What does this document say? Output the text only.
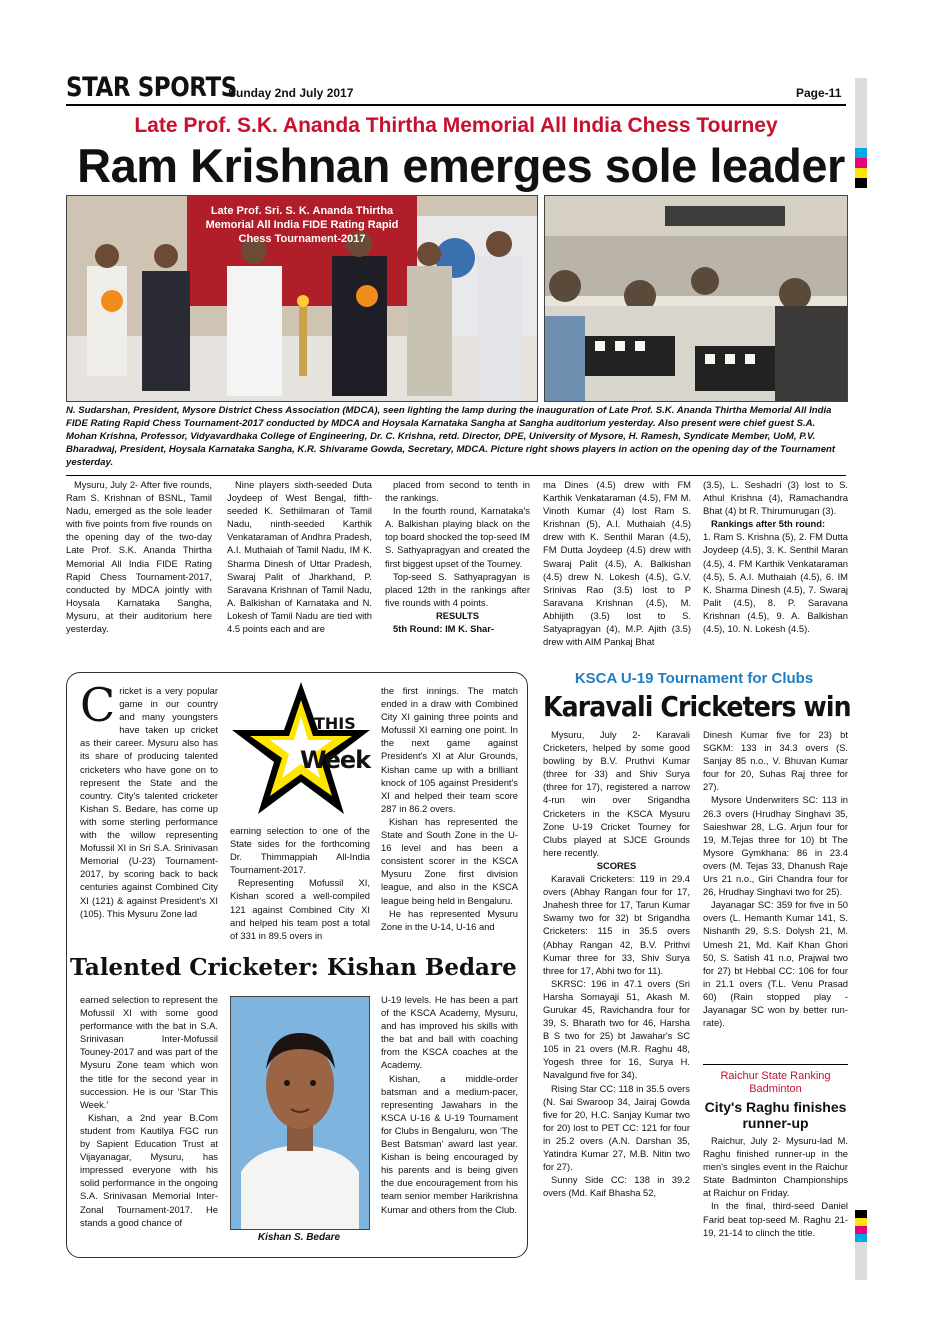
STAR SPORTS
Sunday 2nd July 2017	Page-11
Late Prof. S.K. Ananda Thirtha Memorial All India Chess Tourney
Ram Krishnan emerges sole leader
Late Prof. Sri. S. K. Ananda Thirtha Memorial All India FIDE Rating Rapid Chess Tournament-2017
N. Sudarshan, President, Mysore District Chess Association (MDCA), seen lighting the lamp during the inauguration of Late Prof. S.K. Ananda Thirtha Memorial All India FIDE Rating Rapid Chess Tournament-2017 conducted by MDCA and Hoysala Karnataka Sangha at Sangha auditorium yesterday. Also present were chief guest S.A. Mohan Krishna, Professor, Vidyavardhaka College of Engineering, Dr. C. Krishna, retd. Director, DPE, University of Mysore, H. Ramesh, Syndicate Member, UoM, P.V. Bharadwaj, President, Hoysala Karnataka Sangha, K.R. Shivarame Gowda, Secretary, MDCA. Picture right shows players in action on the opening day of the Tournament yesterday.

Mysuru, July 2- After five rounds, Ram S. Krishnan of BSNL, Tamil Nadu, emerged as the sole leader with five points from five rounds on the opening day of the two-day Late Prof. S.K. Ananda Thirtha Memorial All India FIDE Rating Rapid Chess Tournament-2017, conducted by MDCA jointly with Hoysala Karnataka Sangha, Mysuru, at their auditorium here yesterday.

Nine players sixth-seeded Duta Joydeep of West Bengal, fifth-seeded K. Sethilmaran of Tamil Nadu, ninth-seeded Karthik Venkataraman of Andhra Pradesh, A.I. Muthaiah of Tamil Nadu, IM K. Sharma Dinesh of Uttar Pradesh, Swaraj Palit of Jharkhand, P. Saravana Krishnan of Tamil Nadu, A. Balkishan of Karnataka and N. Lokesh of Tamil Nadu are tied with 4.5 points each and are

placed from second to tenth in the rankings.

In the fourth round, Karnataka's A. Balkishan playing black on the top board shocked the top-seed IM S. Sathyapragyan and created the first biggest upset of the Tourney.

Top-seed S. Sathyapragyan is placed 12th in the rankings after five rounds with 4 points.

RESULTS

5th Round: IM K. Shar-

ma Dines (4.5) drew with FM Karthik Venkataraman (4.5), FM M. Vinoth Kumar (4) lost Ram S. Krishnan (5), A.I. Muthaiah (4.5) drew with K. Senthil Maran (4.5), FM Dutta Joydeep (4.5) drew with Swaraj Palit (4.5), A. Balkishan (4.5) drew N. Lokesh (4.5), G.V. Srinivas Rao (3.5) lost to P Saravana Krishnan (4.5), M. Abhijith (3.5) lost to S. Satyapragyan (4), M.P. Ajith (3.5) drew with AIM Pankaj Bhat

(3.5), L. Seshadri (3) lost to S. Athul Krishna (4), Ramachandra Bhat (4) bt R. Thirumurugan (3).

Rankings after 5th round:

1. Ram S. Krishna (5), 2. FM Dutta Joydeep (4.5), 3. K. Senthil Maran (4.5), 4. FM Karthik Venkataraman (4.5), 5. A.I. Muthaiah (4.5), 6. IM K. Sharma Dinesh (4.5), 7. Swaraj Palit (4.5), 8. P. Saravana Krishnan (4.5), 9. A. Balkishan (4.5), 10. N. Lokesh (4.5).

C ricket is a very popular game in our country and many youngsters have taken up cricket as their career. Mysuru also has its share of producing talented cricketers who have gone on to represent the State and the country. City's talented cricketer Kishan S. Bedare, has come up with some sterling performance with the willow representing Mofussil XI in Sri S.A. Srinivasan Memorial (U-23) Tournament-2017, by scoring back to back centuries against Combined City XI (121) & against President's XI (105). This Mysuru Zone lad
THIS
Week

earning selection to one of the State sides for the forthcoming Dr. Thimmappiah All-India Tournament-2017.

Representing Mofussil XI, Kishan scored a well-compiled 121 against Combined City XI and helped his team post a total of 331 in 89.5 overs in

the first innings. The match ended in a draw with Combined City XI gaining three points and Mofussil XI earning one point. In the next game against President's XI at Alur Grounds, Kishan came up with a brilliant knock of 105 against President's XI and helped their team score 287 in 86.2 overs.

Kishan has represented the State and South Zone in the U-16 level and has been a consistent scorer in the KSCA Mysuru Zone first division league, and also in the KSCA league being held in Bengaluru.

He has represented Mysuru Zone in the U-14, U-16 and

Talented Cricketer: Kishan Bedare

earned selection to represent the Mofussil XI with some good performance with the bat in S.A. Srinivasan Inter-Mofussil Touney-2017 and was part of the Mysuru Zone team which won the title for the second year in succession. He is our 'Star This Week.'

Kishan, a 2nd year B.Com student from Kautilya FGC run by Sapient Education Trust at Vijayanagar, Mysuru, has impressed everyone with his solid performance in the ongoing S.A. Srinivasan Memorial Inter-Zonal Tournament-2017. He stands a good chance of

Kishan S. Bedare

U-19 levels. He has been a part of the KSCA Academy, Mysuru, and has improved his skills with the bat and ball with coaching from the KSCA coaches at the Academy.

Kishan, a middle-order batsman and a medium-pacer, representing Jawahars in the KSCA U-16 & U-19 Tournament for Clubs in Bengaluru, won 'The Best Batsman' award last year. Kishan is being encouraged by his parents and is being given the due encouragement from his team senior member Harikrishna Kumar and others from the Club.

KSCA U-19 Tournament for Clubs
Karavali Cricketers win

Mysuru, July 2- Karavali Cricketers, helped by some good bowling by B.V. Pruthvi Kumar (three for 33) and Shiv Surya (three for 17), registered a narrow 4-run win over Srigandha Cricketers in the KSCA Mysuru Zone U-19 Cricket Tourney for Clubs played at SJCE Grounds here recently.

SCORES

Karavali Cricketers: 119 in 29.4 overs (Abhay Rangan four for 17, Jnahesh three for 17, Tarun Kumar Swamy two for 32) bt Srigandha Cricketers: 115 in 35.5 overs (Abhay Rangan 42, B.V. Prithvi Kumar three for 33, Shiv Surya three for 17, Abhi two for 11).

SKRSC: 196 in 47.1 overs (Sri Harsha Somayaji 51, Akash M. Gurukar 45, Ravichandra four for 39, S. Bharath two for 46, Harsha B S two for 25) bt Jawahar's SC 105 in 21 overs (M.R. Raghu 48, Yogesh three for 16, Surya H. Navalgund five for 34).

Rising Star CC: 118 in 35.5 overs (N. Sai Swaroop 34, Jairaj Gowda five for 20, H.C. Sanjay Kumar two for 20) lost to PET CC: 121 for four in 25.2 overs (A.N. Darshan 35, Yatindra Kumar 27, M.B. Nitin two for 27).

Sunny Side CC: 138 in 39.2 overs (Md. Kaif Bhasha 52,

Dinesh Kumar five for 23) bt SGKM: 133 in 34.3 overs (S. Sanjay 85 n.o., V. Bhuvan Kumar four for 20, Suhas Raj three for 27).

Mysore Underwriters SC: 113 in 26.3 overs (Hrudhay Singhavi 35, Saieshwar 28, L.G. Arjun four for 19, M.Tejas three for 10) bt The Mysore Gymkhana: 86 in 23.4 overs (M. Tejas 33, Dhanush Raje Urs 21 n.o., Giri Chandra four for 26, Hrudhay Singhavi two for 25).

Jayanagar SC: 359 for five in 50 overs (L. Hemanth Kumar 141, S. Nishanth 29, S.S. Dolysh 21, M. Umesh 21, Md. Kaif Khan Ghori 50, S. Satish 41 n.o, Prajwal two for 27) bt Hebbal CC: 106 for four in 21.1 overs (T.L. Venu Prasad 60) (Rain stopped play - Jayanagar SC won by better run-rate).

Raichur State Ranking Badminton
City's Raghu finishes runner-up

Raichur, July 2- Mysuru-lad M. Raghu finished runner-up in the men's singles event in the Raichur State Badminton Championships at Raichur on Friday.

In the final, third-seed Daniel Farid beat top-seed M. Raghu 21-19, 21-14 to clinch the title.
